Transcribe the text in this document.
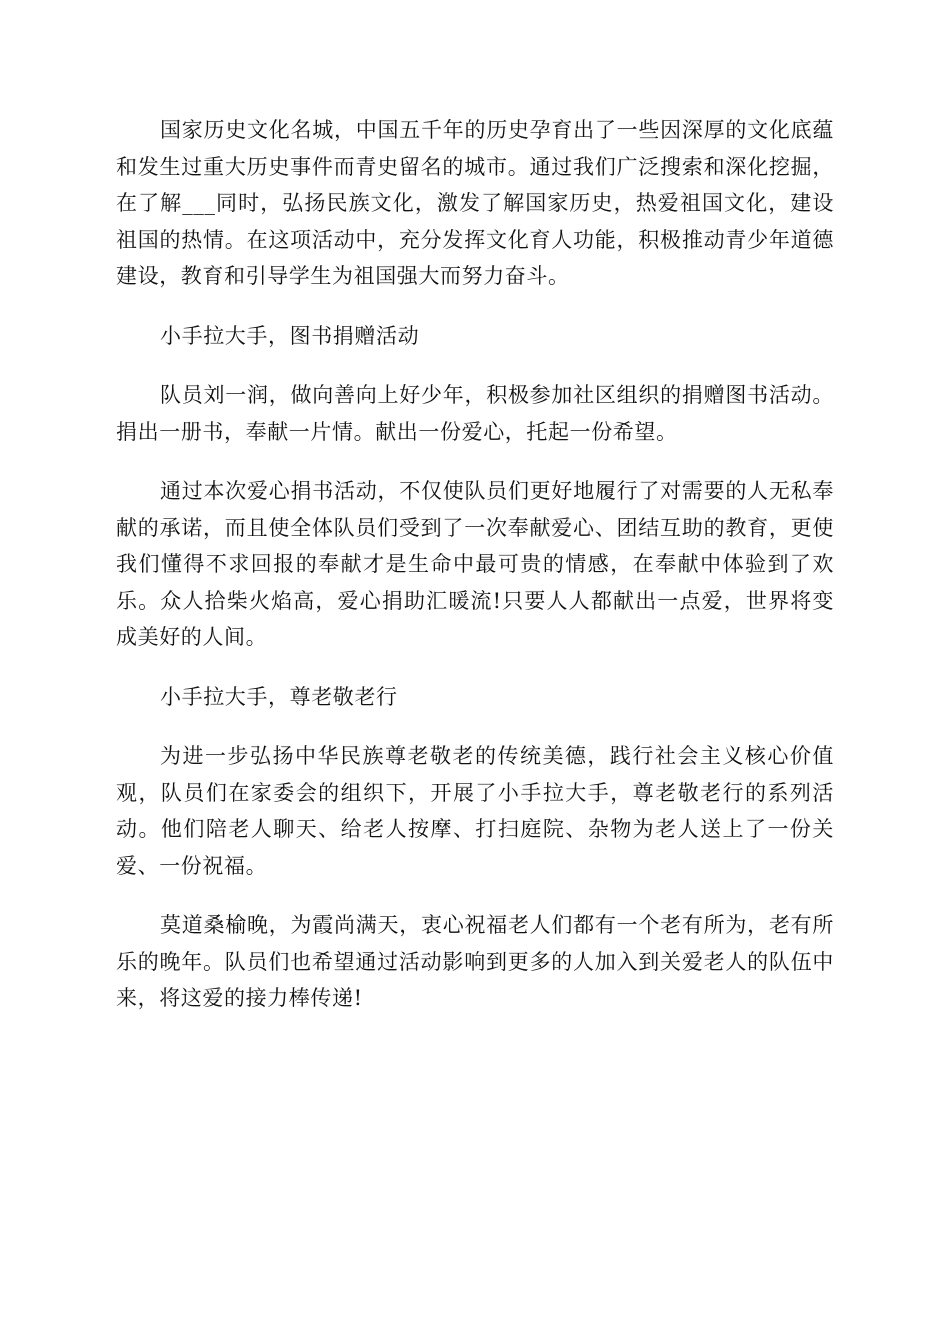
国家历史文化名城，中国五千年的历史孕育出了一些因深厚的文化底蕴和发生过重大历史事件而青史留名的城市。通过我们广泛搜索和深化挖掘，在了解___同时，弘扬民族文化，激发了解国家历史，热爱祖国文化，建设祖国的热情。在这项活动中，充分发挥文化育人功能，积极推动青少年道德建设，教育和引导学生为祖国强大而努力奋斗。

小手拉大手，图书捐赠活动

队员刘一润，做向善向上好少年，积极参加社区组织的捐赠图书活动。捐出一册书，奉献一片情。献出一份爱心，托起一份希望。

通过本次爱心捐书活动，不仅使队员们更好地履行了对需要的人无私奉献的承诺，而且使全体队员们受到了一次奉献爱心、团结互助的教育，更使我们懂得不求回报的奉献才是生命中最可贵的情感，在奉献中体验到了欢乐。众人拾柴火焰高，爱心捐助汇暖流!只要人人都献出一点爱，世界将变成美好的人间。

小手拉大手，尊老敬老行

为进一步弘扬中华民族尊老敬老的传统美德，践行社会主义核心价值观，队员们在家委会的组织下，开展了小手拉大手，尊老敬老行的系列活动。他们陪老人聊天、给老人按摩、打扫庭院、杂物为老人送上了一份关爱、一份祝福。

莫道桑榆晚，为霞尚满天，衷心祝福老人们都有一个老有所为，老有所乐的晚年。队员们也希望通过活动影响到更多的人加入到关爱老人的队伍中来，将这爱的接力棒传递!
